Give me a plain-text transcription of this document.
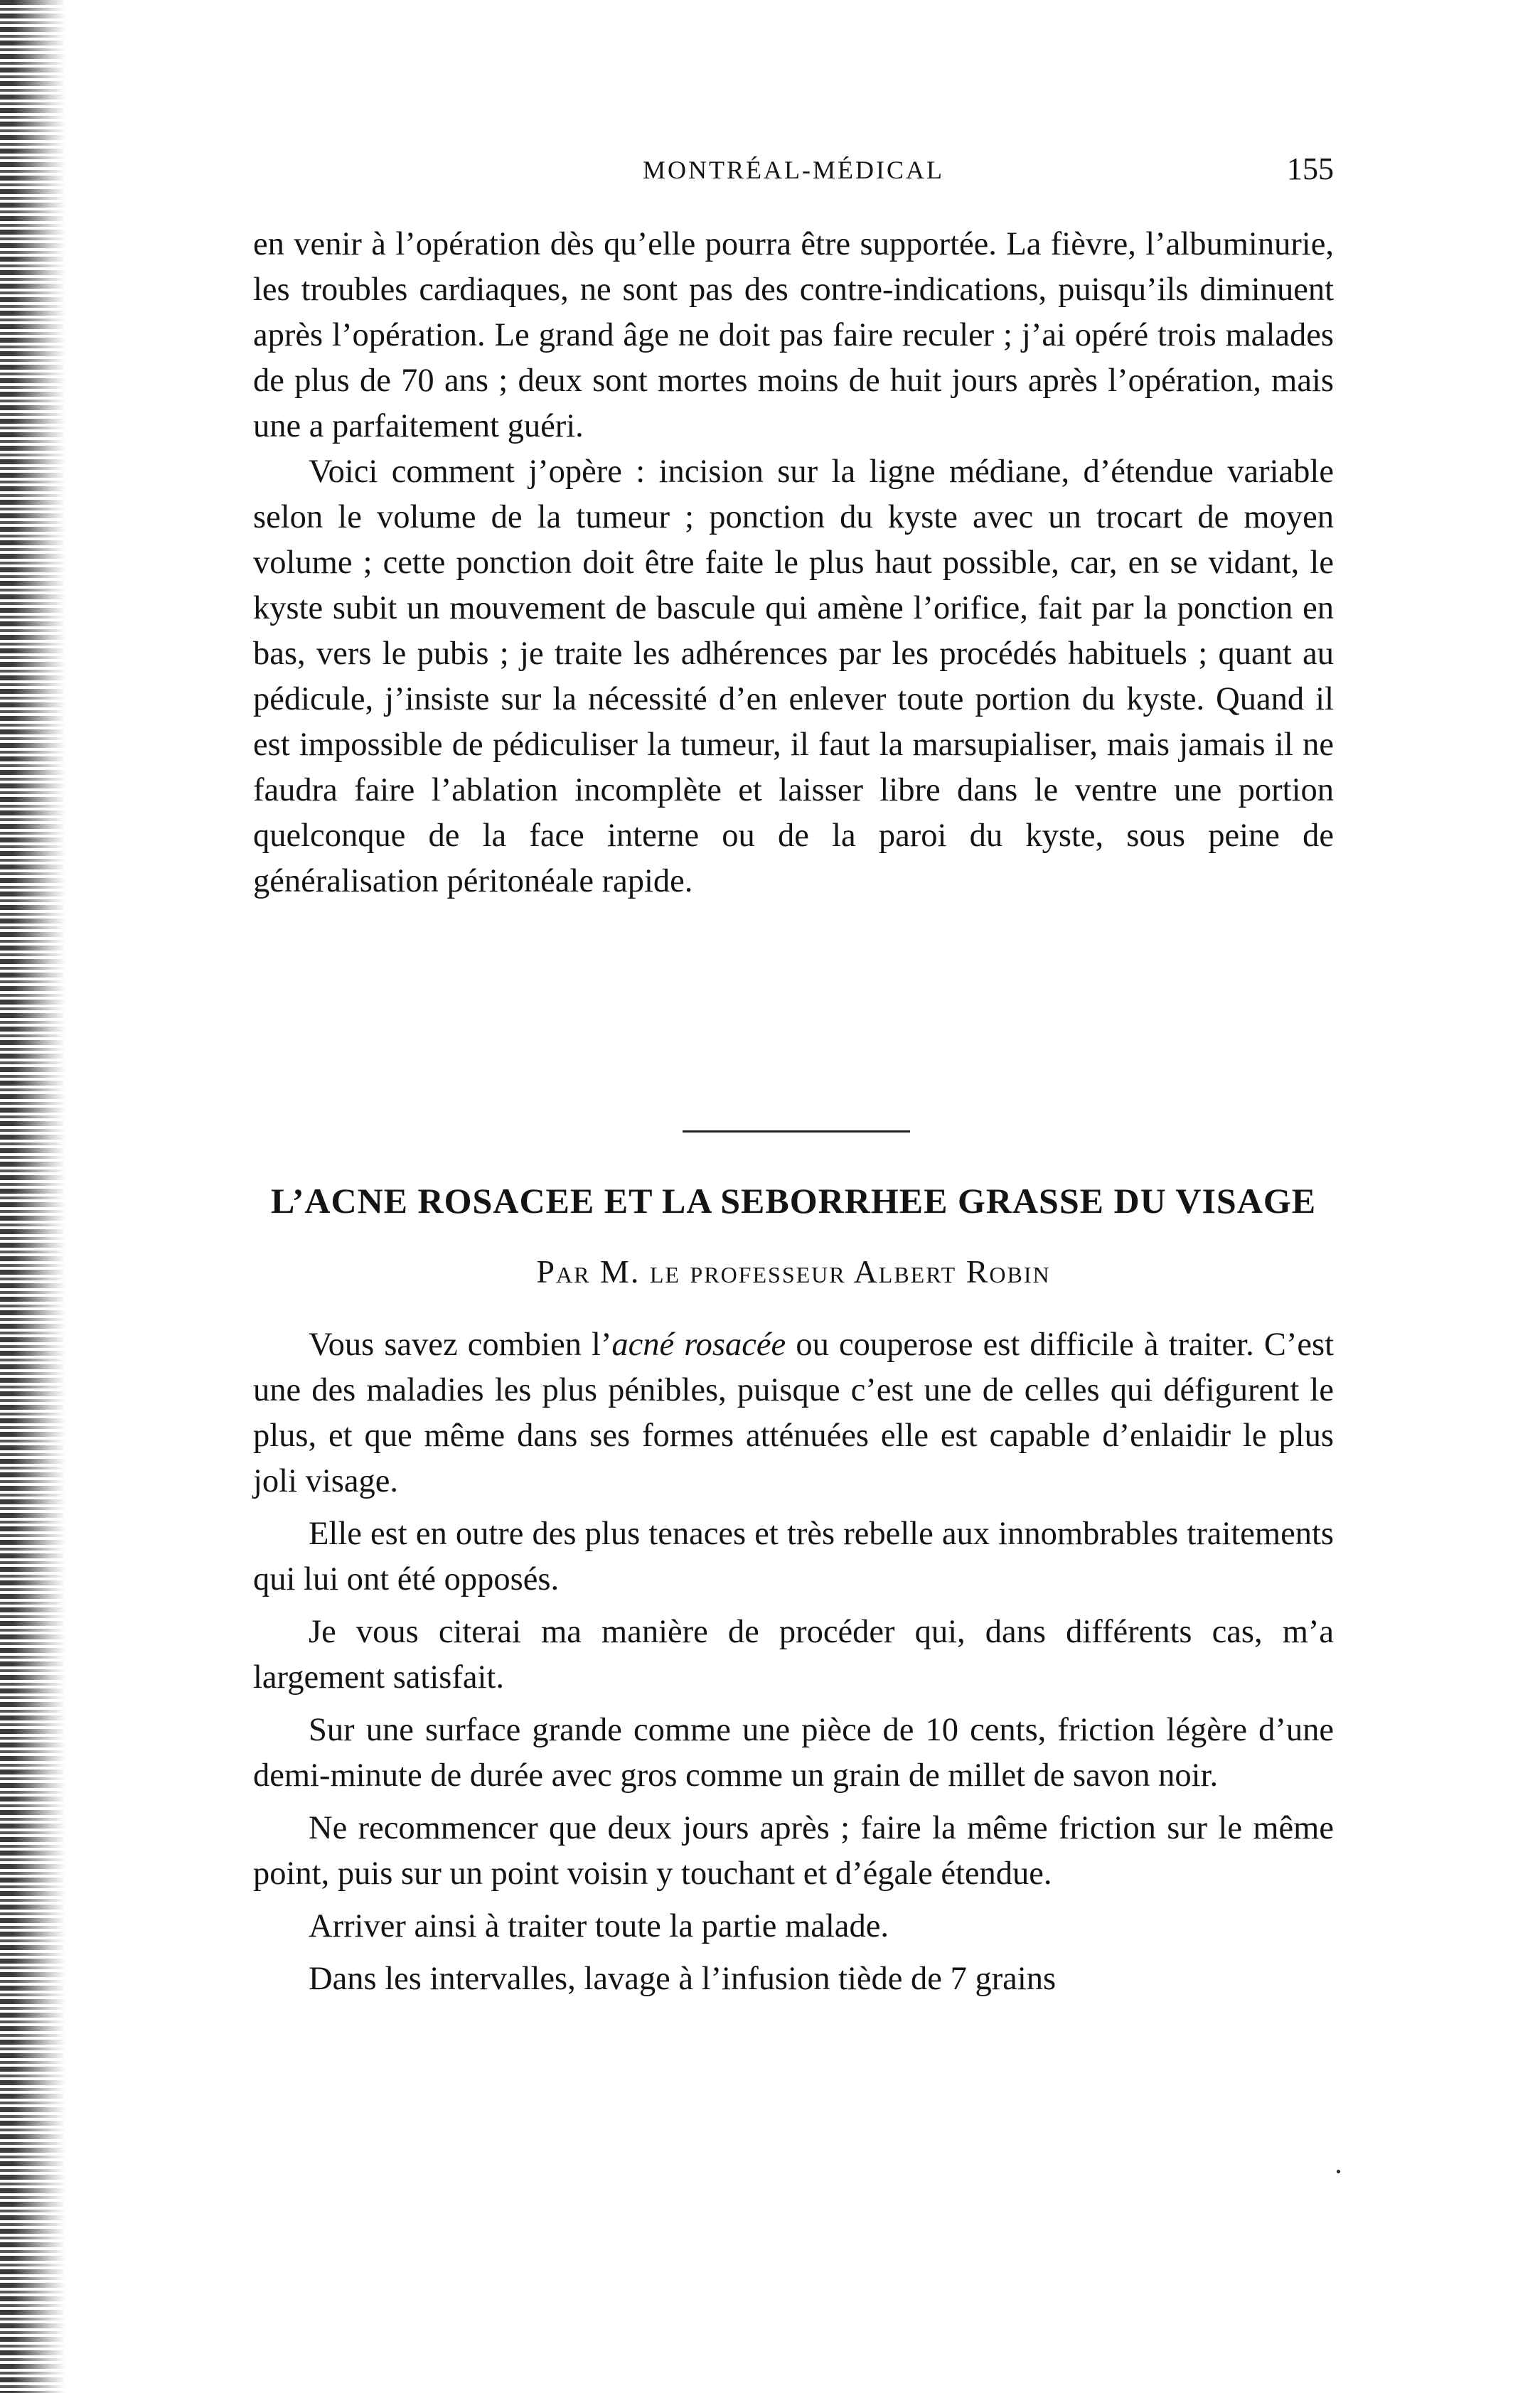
MONTRÉAL-MÉDICAL	155

en venir à l’opération dès qu’elle pourra être supportée. La fièvre, l’albuminurie, les troubles cardiaques, ne sont pas des contre-indications, puisqu’ils diminuent après l’opération. Le grand âge ne doit pas faire reculer ; j’ai opéré trois malades de plus de 70 ans ; deux sont mortes moins de huit jours après l’opération, mais une a parfaitement guéri.

Voici comment j’opère : incision sur la ligne médiane, d’étendue variable selon le volume de la tumeur ; ponction du kyste avec un trocart de moyen volume ; cette ponction doit être faite le plus haut possible, car, en se vidant, le kyste subit un mouvement de bascule qui amène l’orifice, fait par la ponction en bas, vers le pubis ; je traite les adhérences par les procédés habituels ; quant au pédicule, j’insiste sur la nécessité d’en enlever toute portion du kyste. Quand il est impossible de pédiculiser la tumeur, il faut la marsupialiser, mais jamais il ne faudra faire l’ablation incomplète et laisser libre dans le ventre une portion quelconque de la face interne ou de la paroi du kyste, sous peine de généralisation péritonéale rapide.

L’ACNE ROSACEE ET LA SEBORRHEE GRASSE DU VISAGE
Par M. le professeur Albert Robin

Vous savez combien l’acné rosacée ou couperose est difficile à traiter. C’est une des maladies les plus pénibles, puisque c’est une de celles qui défigurent le plus, et que même dans ses formes atténuées elle est capable d’enlaidir le plus joli visage.

Elle est en outre des plus tenaces et très rebelle aux innombrables traitements qui lui ont été opposés.

Je vous citerai ma manière de procéder qui, dans différents cas, m’a largement satisfait.

Sur une surface grande comme une pièce de 10 cents, friction légère d’une demi-minute de durée avec gros comme un grain de millet de savon noir.

Ne recommencer que deux jours après ; faire la même friction sur le même point, puis sur un point voisin y touchant et d’égale étendue.

Arriver ainsi à traiter toute la partie malade.

Dans les intervalles, lavage à l’infusion tiède de 7 grains
